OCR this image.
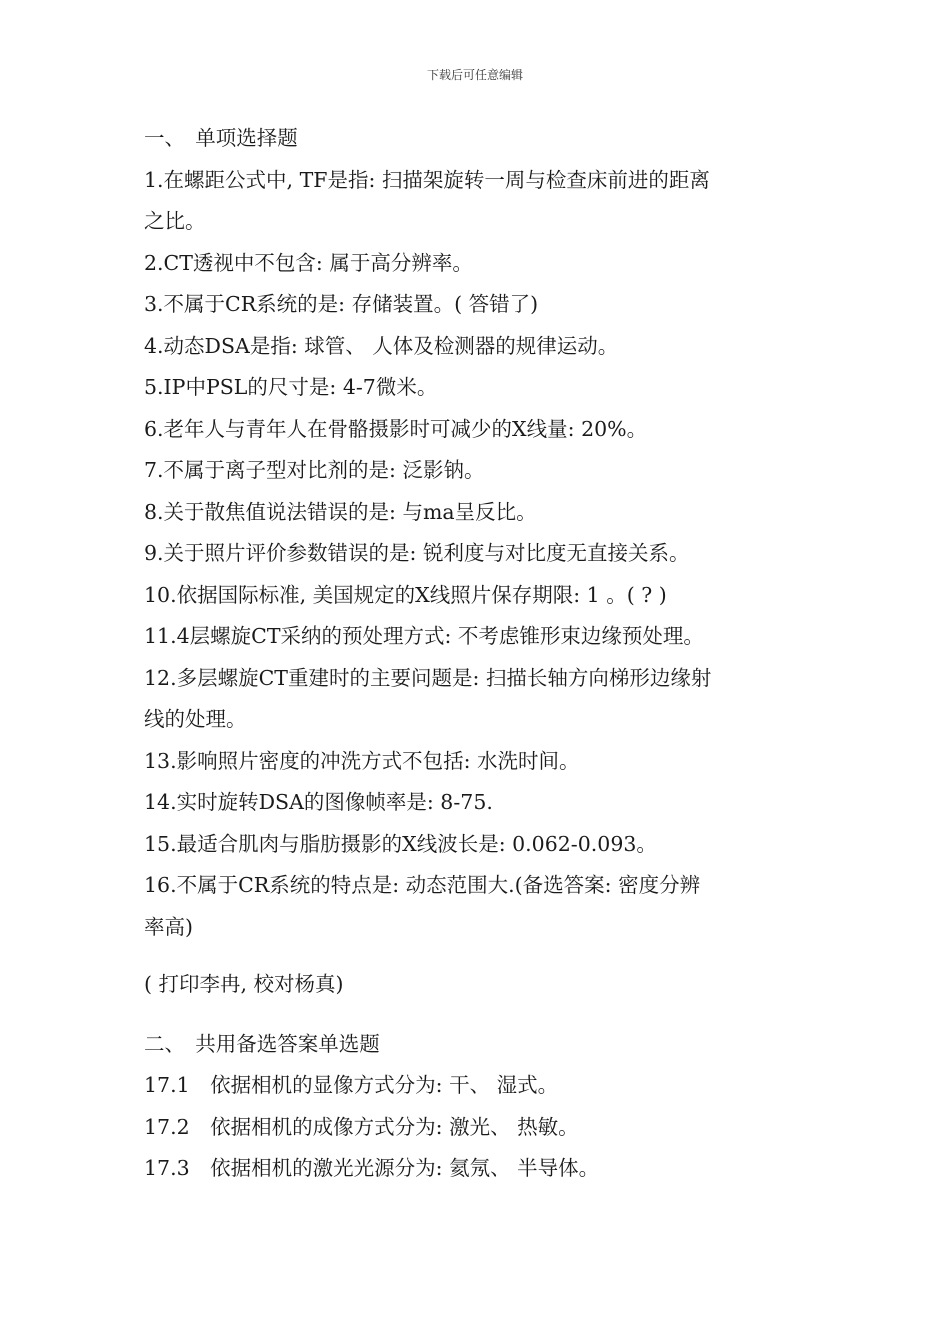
下载后可任意编辑
一、　单项选择题
1.在螺距公式中, TF是指: 扫描架旋转一周与检查床前进的距离
之比。
2.CT透视中不包含: 属于高分辨率。
3.不属于CR系统的是: 存储装置。( 答错了)
4.动态DSA是指: 球管、 人体及检测器的规律运动。
5.IP中PSL的尺寸是: 4-7微米。
6.老年人与青年人在骨骼摄影时可减少的X线量: 20%。
7.不属于离子型对比剂的是: 泛影钠。
8.关于散焦值说法错误的是: 与ma呈反比。
9.关于照片评价参数错误的是: 锐利度与对比度无直接关系。
10.依据国际标准, 美国规定的X线照片保存期限: 1 。( ? )
11.4层螺旋CT采纳的预处理方式: 不考虑锥形束边缘预处理。
12.多层螺旋CT重建时的主要问题是: 扫描长轴方向梯形边缘射
线的处理。
13.影响照片密度的冲洗方式不包括: 水洗时间。
14.实时旋转DSA的图像帧率是: 8-75.
15.最适合肌肉与脂肪摄影的X线波长是: 0.062-0.093。
16.不属于CR系统的特点是: 动态范围大.(备选答案: 密度分辨
率高)
( 打印李冉, 校对杨真)
二、　共用备选答案单选题
17.1　依据相机的显像方式分为: 干、 湿式。
17.2　依据相机的成像方式分为: 激光、 热敏。
17.3　依据相机的激光光源分为: 氦氖、 半导体。
